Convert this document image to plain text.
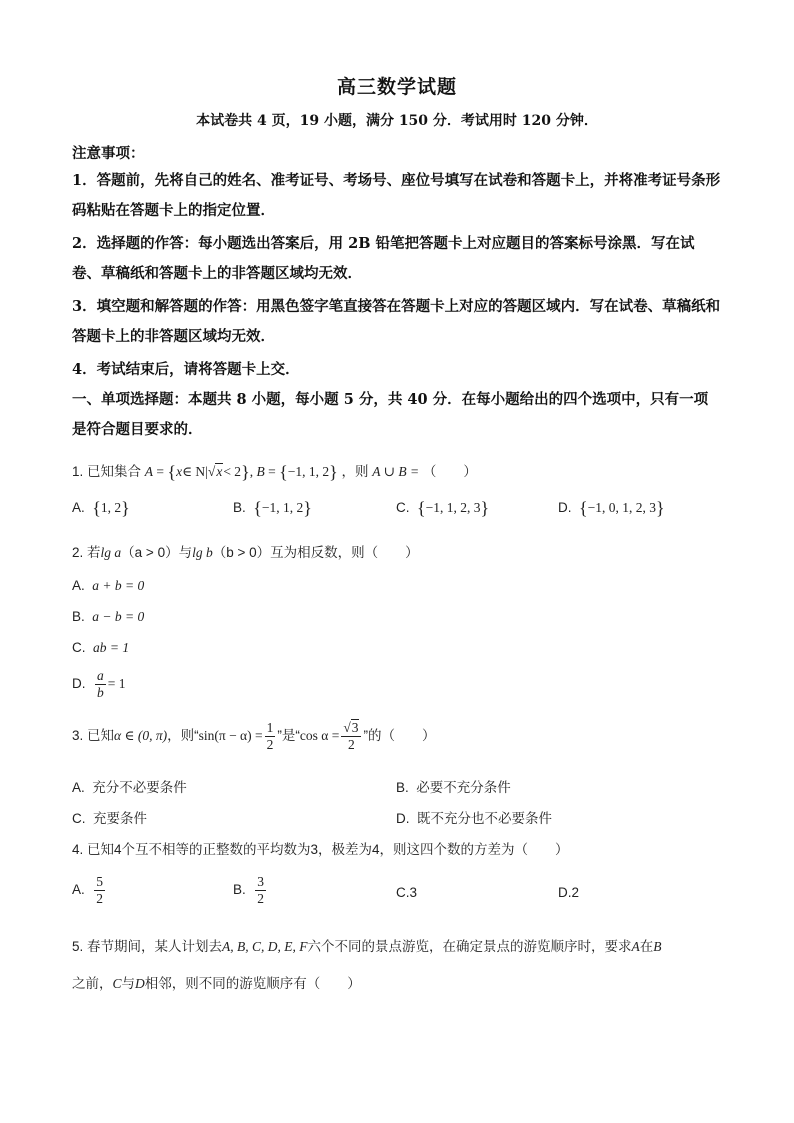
高三数学试题
本试卷共 4 页，19 小题，满分 150 分．考试用时 120 分钟．
注意事项：
1．答题前，先将自己的姓名、准考证号、考场号、座位号填写在试卷和答题卡上，并将准考证号条形码粘贴在答题卡上的指定位置．
2．选择题的作答：每小题选出答案后，用 2B 铅笔把答题卡上对应题目的答案标号涂黑．写在试卷、草稿纸和答题卡上的非答题区域均无效．
3．填空题和解答题的作答：用黑色签字笔直接答在答题卡上对应的答题区域内．写在试卷、草稿纸和答题卡上的非答题区域均无效．
4．考试结束后，请将答题卡上交．
一、单项选择题：本题共 8 小题，每小题 5 分，共 40 分．在每小题给出的四个选项中，只有一项是符合题目要求的．
1. 已知集合 A = {x∈ N|√x< 2}, B = {−1, 1, 2} ，则 A ∪ B = （　　）
A. {1, 2}	B. {−1, 1, 2}	C. {−1, 1, 2, 3}	D. {−1, 0, 1, 2, 3}
2. 若lg a（a > 0）与lg b（b > 0）互为相反数，则（　　）
A. a + b = 0
B. a − b = 0
C. ab = 1
D. $\frac{a}{b} = 1$
3. 已知α ∈ (0, π)，则“$\sin(\pi - \alpha) = \frac{1}{2}$ ”是“cos $\alpha = \frac{√3}{2}$ ”的（　　）
A. 充分不必要条件	B. 必要不充分条件
C. 充要条件	D. 既不充分也不必要条件
4. 已知4个互不相等的正整数的平均数为3，极差为4，则这四个数的方差为（　　）
A. $\frac{5}{2}$	B. $\frac{3}{2}$	C.3	D.2
5. 春节期间，某人计划去A, B, C, D, E, F六个不同的景点游览，在确定景点的游览顺序时，要求A在B
之前，C与D相邻，则不同的游览顺序有（　　）
